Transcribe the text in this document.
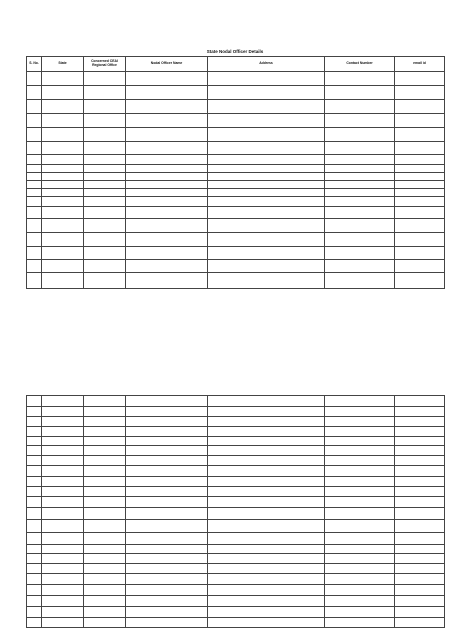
State Nodal Officer Details
S. No.	State	Concerned CEAI Regional Office	Nodal Officer Name	Address	Contact Number	email id
